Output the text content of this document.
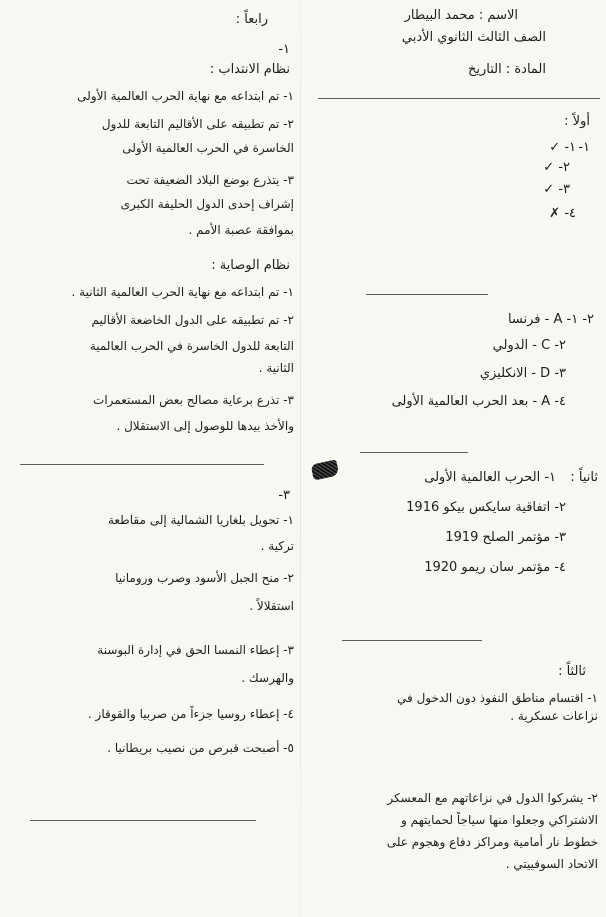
الاسم : محمد البيطار
الصف الثالث الثانوي الأدبي
المادة : التاريخ
أولاً :
١-
١- ✓
٢- ✓
٣- ✓
٤- ✗
٢- ١- A - فرنسا
٢- C - الدولي
٣- D - الانكليزي
٤- A - بعد الحرب العالمية الأولى
ثانياً :
١- الحرب العالمية الأولى
٢- اتفاقية سايكس بيكو 1916
٣- مؤتمر الصلح 1919
٤- مؤتمر سان ريمو 1920
ثالثاً :
١- اقتسام مناطق النفوذ دون الدخول في
نزاعات عسكرية .
٢- يشركوا الدول في نزاعاتهم مع المعسكر
الاشتراكي وجعلوا منها سياجاً لحمايتهم و
خطوط نار أمامية ومراكز دفاع وهجوم على
الاتحاد السوفييتي .
رابعاً :
١-
نظام الانتداب :
١- تم ابتداعه مع نهاية الحرب العالمية الأولى
٢- تم تطبيقه على الأقاليم التابعة للدول
الخاسرة في الحرب العالمية الأولى
٣- يتذرع بوضع البلاد الضعيفة تحت
إشراف إحدى الدول الحليفة الكبرى
بموافقة عصبة الأمم .
نظام الوصاية :
١- تم ابتداعه مع نهاية الحرب العالمية الثانية .
٢- تم تطبيقه على الدول الخاضعة الأقاليم
التابعة للدول الخاسرة في الحرب العالمية
الثانية .
٣- تذرع برعاية مصالح بعض المستعمرات
والأخذ بيدها للوصول إلى الاستقلال .
٣-
١- تحويل بلغاريا الشمالية إلى مقاطعة
تركية .
٢- منح الجبل الأسود وصرب ورومانيا
استقلالاً .
٣- إعطاء النمسا الحق في إدارة البوسنة
والهرسك .
٤- إعطاء روسيا جزءاً من صربيا والقوقاز .
٥- أصبحت قبرص من نصيب بريطانيا .
